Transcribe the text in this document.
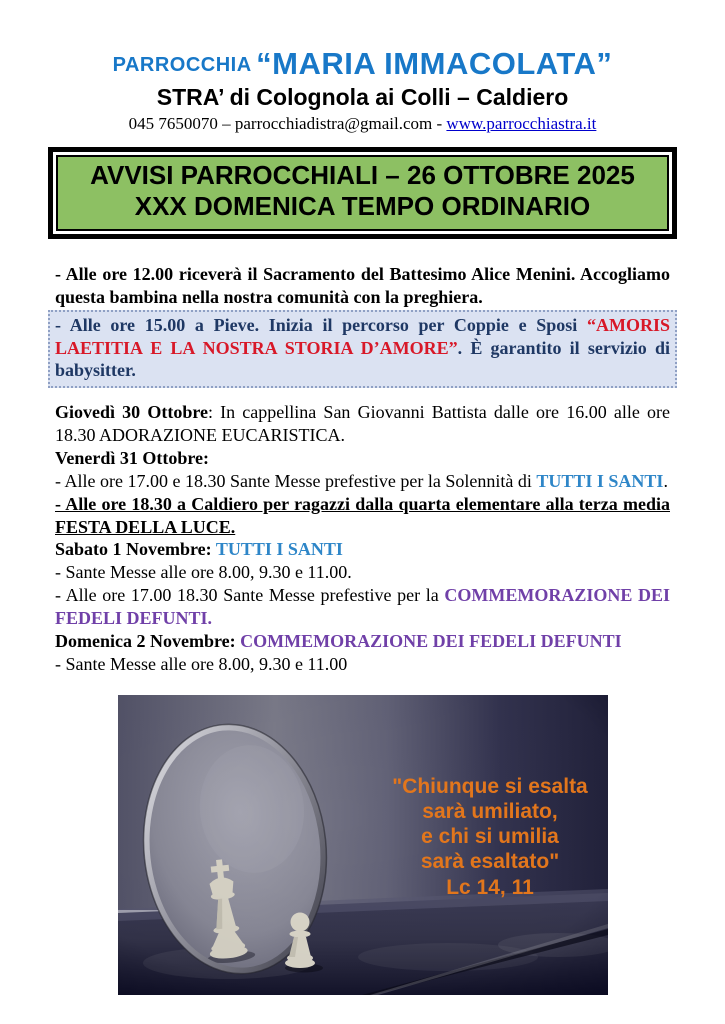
PARROCCHIA “MARIA IMMACOLATA”
STRA’ di Colognola ai Colli – Caldiero
045 7650070 – parrocchiadistra@gmail.com - www.parrocchiastra.it
AVVISI PARROCCHIALI – 26 OTTOBRE 2025
XXX DOMENICA TEMPO ORDINARIO

- Alle ore 12.00 riceverà il Sacramento del Battesimo Alice Menini. Accogliamo questa bambina nella nostra comunità con la preghiera.

- Alle ore 15.00 a Pieve. Inizia il percorso per Coppie e Sposi “AMORIS LAETITIA E LA NOSTRA STORIA D’AMORE”. È garantito il servizio di babysitter.

Giovedì 30 Ottobre: In cappellina San Giovanni Battista dalle ore 16.00 alle ore 18.30 ADORAZIONE EUCARISTICA.

Venerdì 31 Ottobre:

- Alle ore 17.00 e 18.30 Sante Messe prefestive per la Solennità di TUTTI I SANTI.

- Alle ore 18.30 a Caldiero per ragazzi dalla quarta elementare alla terza media FESTA DELLA LUCE.

Sabato 1 Novembre: TUTTI I SANTI

- Sante Messe alle ore 8.00, 9.30 e 11.00.

- Alle ore 17.00 18.30 Sante Messe prefestive per la COMMEMORAZIONE DEI FEDELI DEFUNTI.

Domenica 2 Novembre: COMMEMORAZIONE DEI FEDELI DEFUNTI

- Sante Messe alle ore 8.00, 9.30 e 11.00

"Chiunque si esalta
sarà umiliato,
e chi si umilia
sarà esaltato"
Lc 14, 11
